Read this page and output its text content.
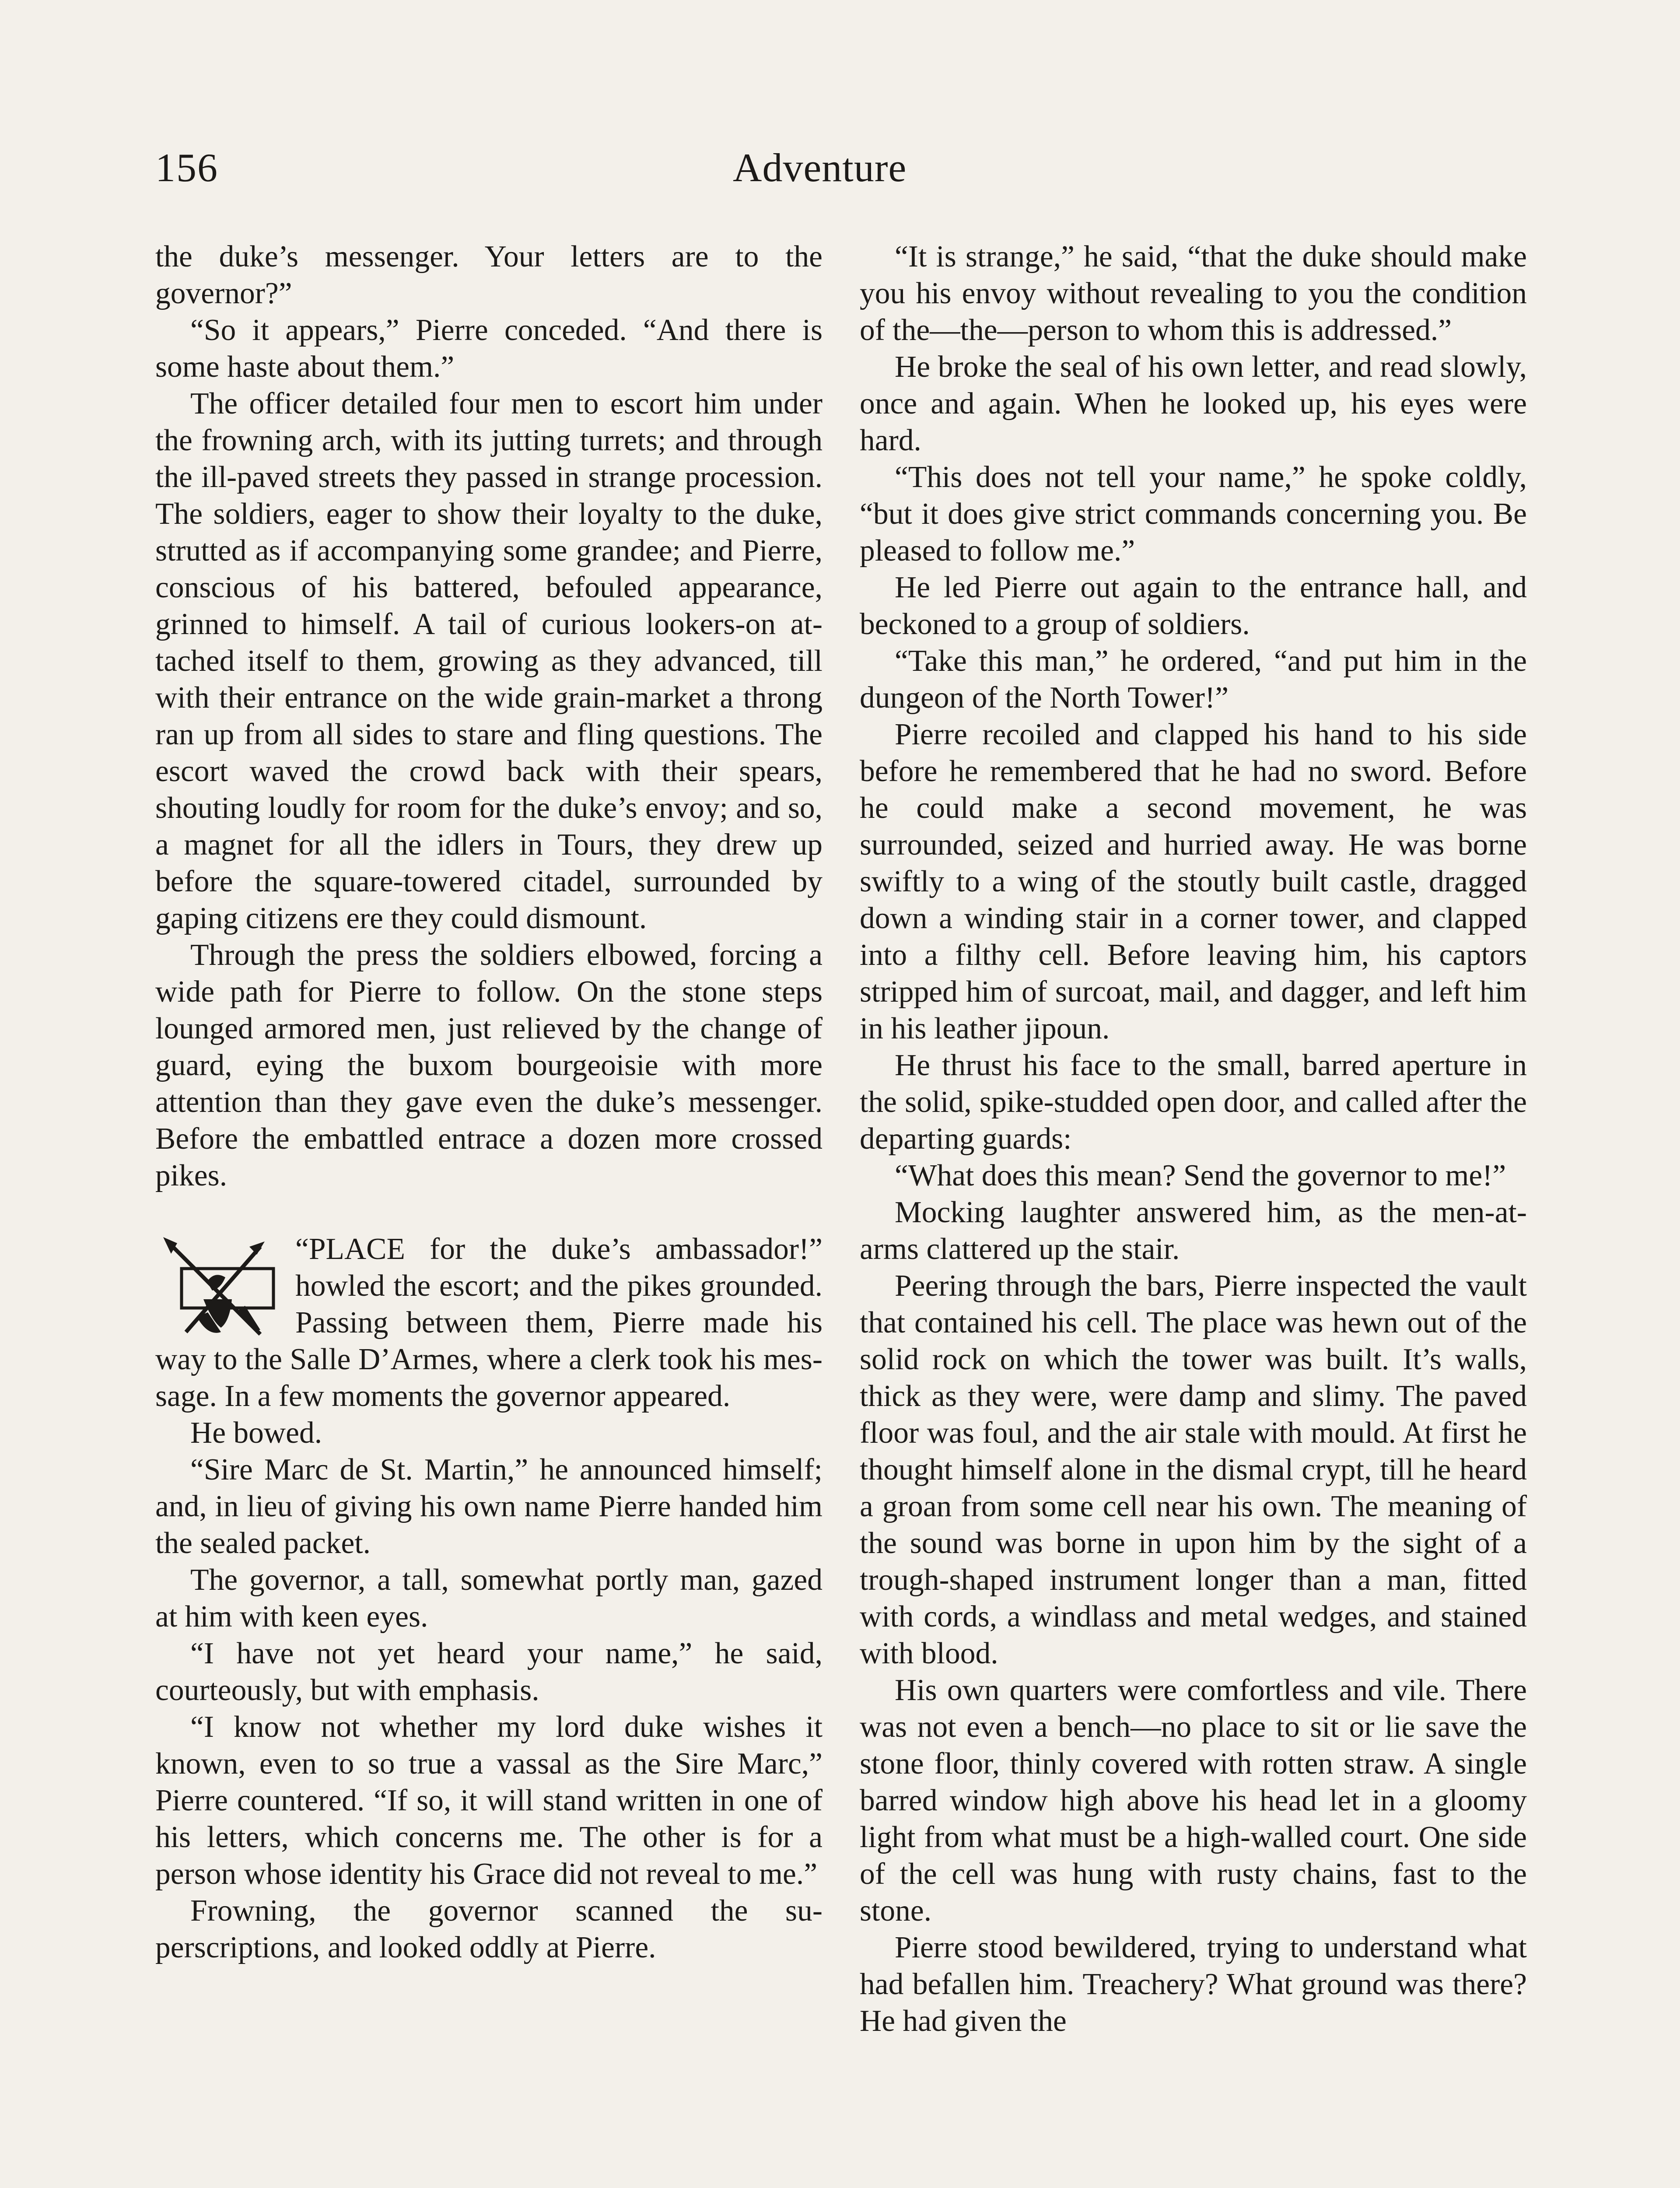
156	Adventure

the duke’s messenger. Your letters are to the governor?”

“So it appears,” Pierre conceded. “And there is some haste about them.”

The officer detailed four men to escort him under the frowning arch, with its jutting turrets; and through the ill-paved streets they passed in strange procession. The soldiers, eager to show their loyalty to the duke, strutted as if accompanying some grandee; and Pierre, conscious of his battered, befouled appearance, grinned to himself. A tail of curious lookers-on attached itself to them, growing as they advanced, till with their entrance on the wide grain-market a throng ran up from all sides to stare and fling questions. The escort waved the crowd back with their spears, shouting loudly for room for the duke’s envoy; and so, a magnet for all the idlers in Tours, they drew up before the square-towered citadel, surrounded by gaping citizens ere they could dismount.

Through the press the soldiers elbowed, forcing a wide path for Pierre to follow. On the stone steps lounged armored men, just relieved by the change of guard, eying the buxom bourgeoisie with more attention than they gave even the duke’s messenger. Before the embattled entrace a dozen more crossed pikes.

“PLACE for the duke’s ambassador!” howled the escort; and the pikes grounded. Passing between them, Pierre made his way to the Salle D’Armes, where a clerk took his message. In a few moments the governor appeared.

He bowed.

“Sire Marc de St. Martin,” he announced himself; and, in lieu of giving his own name Pierre handed him the sealed packet.

The governor, a tall, somewhat portly man, gazed at him with keen eyes.

“I have not yet heard your name,” he said, courteously, but with emphasis.

“I know not whether my lord duke wishes it known, even to so true a vassal as the Sire Marc,” Pierre countered. “If so, it will stand written in one of his letters, which concerns me. The other is for a person whose identity his Grace did not reveal to me.”

Frowning, the governor scanned the superscriptions, and looked oddly at Pierre.

“It is strange,” he said, “that the duke should make you his envoy without revealing to you the condition of the—the—person to whom this is addressed.”

He broke the seal of his own letter, and read slowly, once and again. When he looked up, his eyes were hard.

“This does not tell your name,” he spoke coldly, “but it does give strict commands concerning you. Be pleased to follow me.”

He led Pierre out again to the entrance hall, and beckoned to a group of soldiers.

“Take this man,” he ordered, “and put him in the dungeon of the North Tower!”

Pierre recoiled and clapped his hand to his side before he remembered that he had no sword. Before he could make a second movement, he was surrounded, seized and hurried away. He was borne swiftly to a wing of the stoutly built castle, dragged down a winding stair in a corner tower, and clapped into a filthy cell. Before leaving him, his captors stripped him of surcoat, mail, and dagger, and left him in his leather jipoun.

He thrust his face to the small, barred aperture in the solid, spike-studded open door, and called after the departing guards:

“What does this mean? Send the governor to me!”

Mocking laughter answered him, as the men-at-arms clattered up the stair.

Peering through the bars, Pierre inspected the vault that contained his cell. The place was hewn out of the solid rock on which the tower was built. It’s walls, thick as they were, were damp and slimy. The paved floor was foul, and the air stale with mould. At first he thought himself alone in the dismal crypt, till he heard a groan from some cell near his own. The meaning of the sound was borne in upon him by the sight of a trough-shaped instrument longer than a man, fitted with cords, a windlass and metal wedges, and stained with blood.

His own quarters were comfortless and vile. There was not even a bench—no place to sit or lie save the stone floor, thinly covered with rotten straw. A single barred window high above his head let in a gloomy light from what must be a high-walled court. One side of the cell was hung with rusty chains, fast to the stone.

Pierre stood bewildered, trying to understand what had befallen him. Treachery? What ground was there? He had given the
